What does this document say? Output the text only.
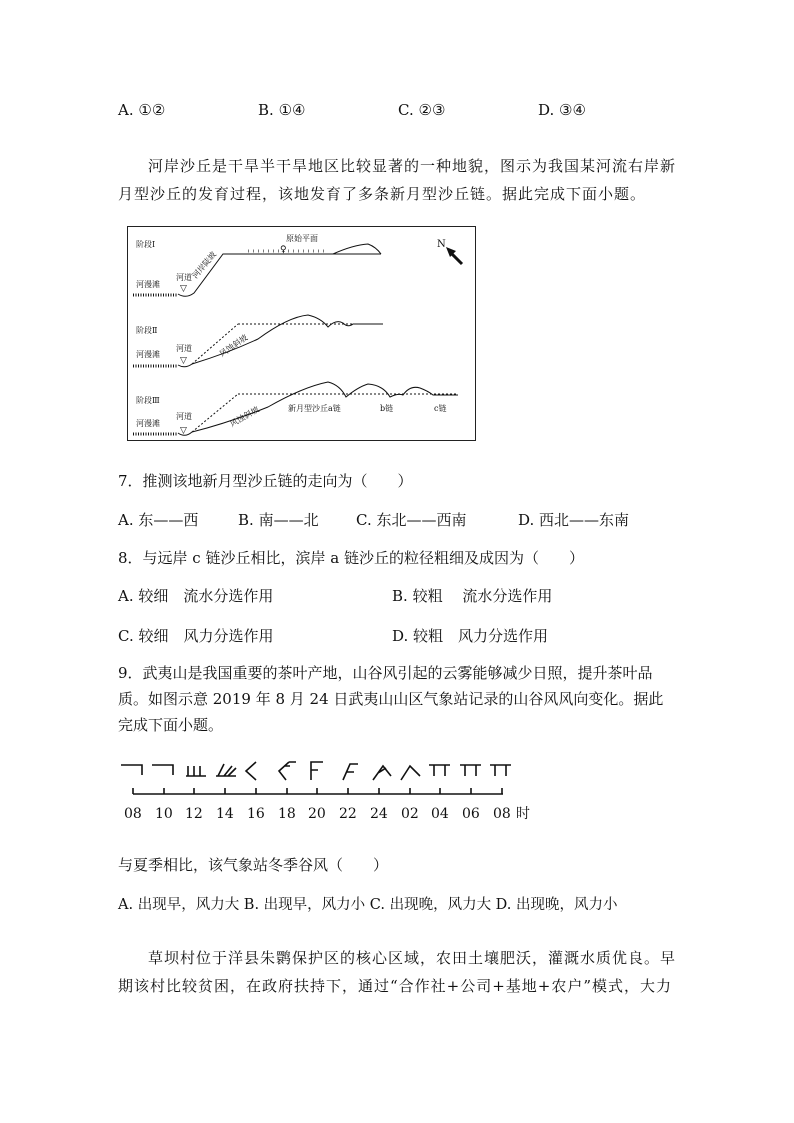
A. ①②	B. ①④	C. ②③	D. ③④
河岸沙丘是干旱半干旱地区比较显著的一种地貌，图示为我国某河流右岸新月型沙丘的发育过程，该地发育了多条新月型沙丘链。据此完成下面小题。
N
阶段Ⅰ
河漫滩
河道
▽
河岸陡坡
原始平面
♀
阶段Ⅱ
河漫滩
河道
▽
风蚀斜坡
阶段Ⅲ
河漫滩
河道
▽
风蚀斜坡	新月型沙丘a链	b链	c链
7．推测该地新月型沙丘链的走向为（　　）
A. 东——西	B. 南——北 C. 东北——西南	D. 西北——东南
8．与远岸 c 链沙丘相比，滨岸 a 链沙丘的粒径粗细及成因为（　　）
A. 较细　流水分选作用	B. 较粗　 流水分选作用
C. 较细　风力分选作用	D. 较粗　风力分选作用
9．武夷山是我国重要的茶叶产地，山谷风引起的云雾能够减少日照，提升茶叶品质。如图示意 2019 年 8 月 24 日武夷山山区气象站记录的山谷风风向变化。据此完成下面小题。
08 10 12 14 16 18 20 22 24 02 04 06 08 时
与夏季相比，该气象站冬季谷风（　　）
A. 出现早，风力大 B. 出现早，风力小 C. 出现晚，风力大 D. 出现晚，风力小
草坝村位于洋县朱鹮保护区的核心区域，农田土壤肥沃，灌溉水质优良。早期该村比较贫困，在政府扶持下，通过“合作社+公司+基地+农户”模式，大力
